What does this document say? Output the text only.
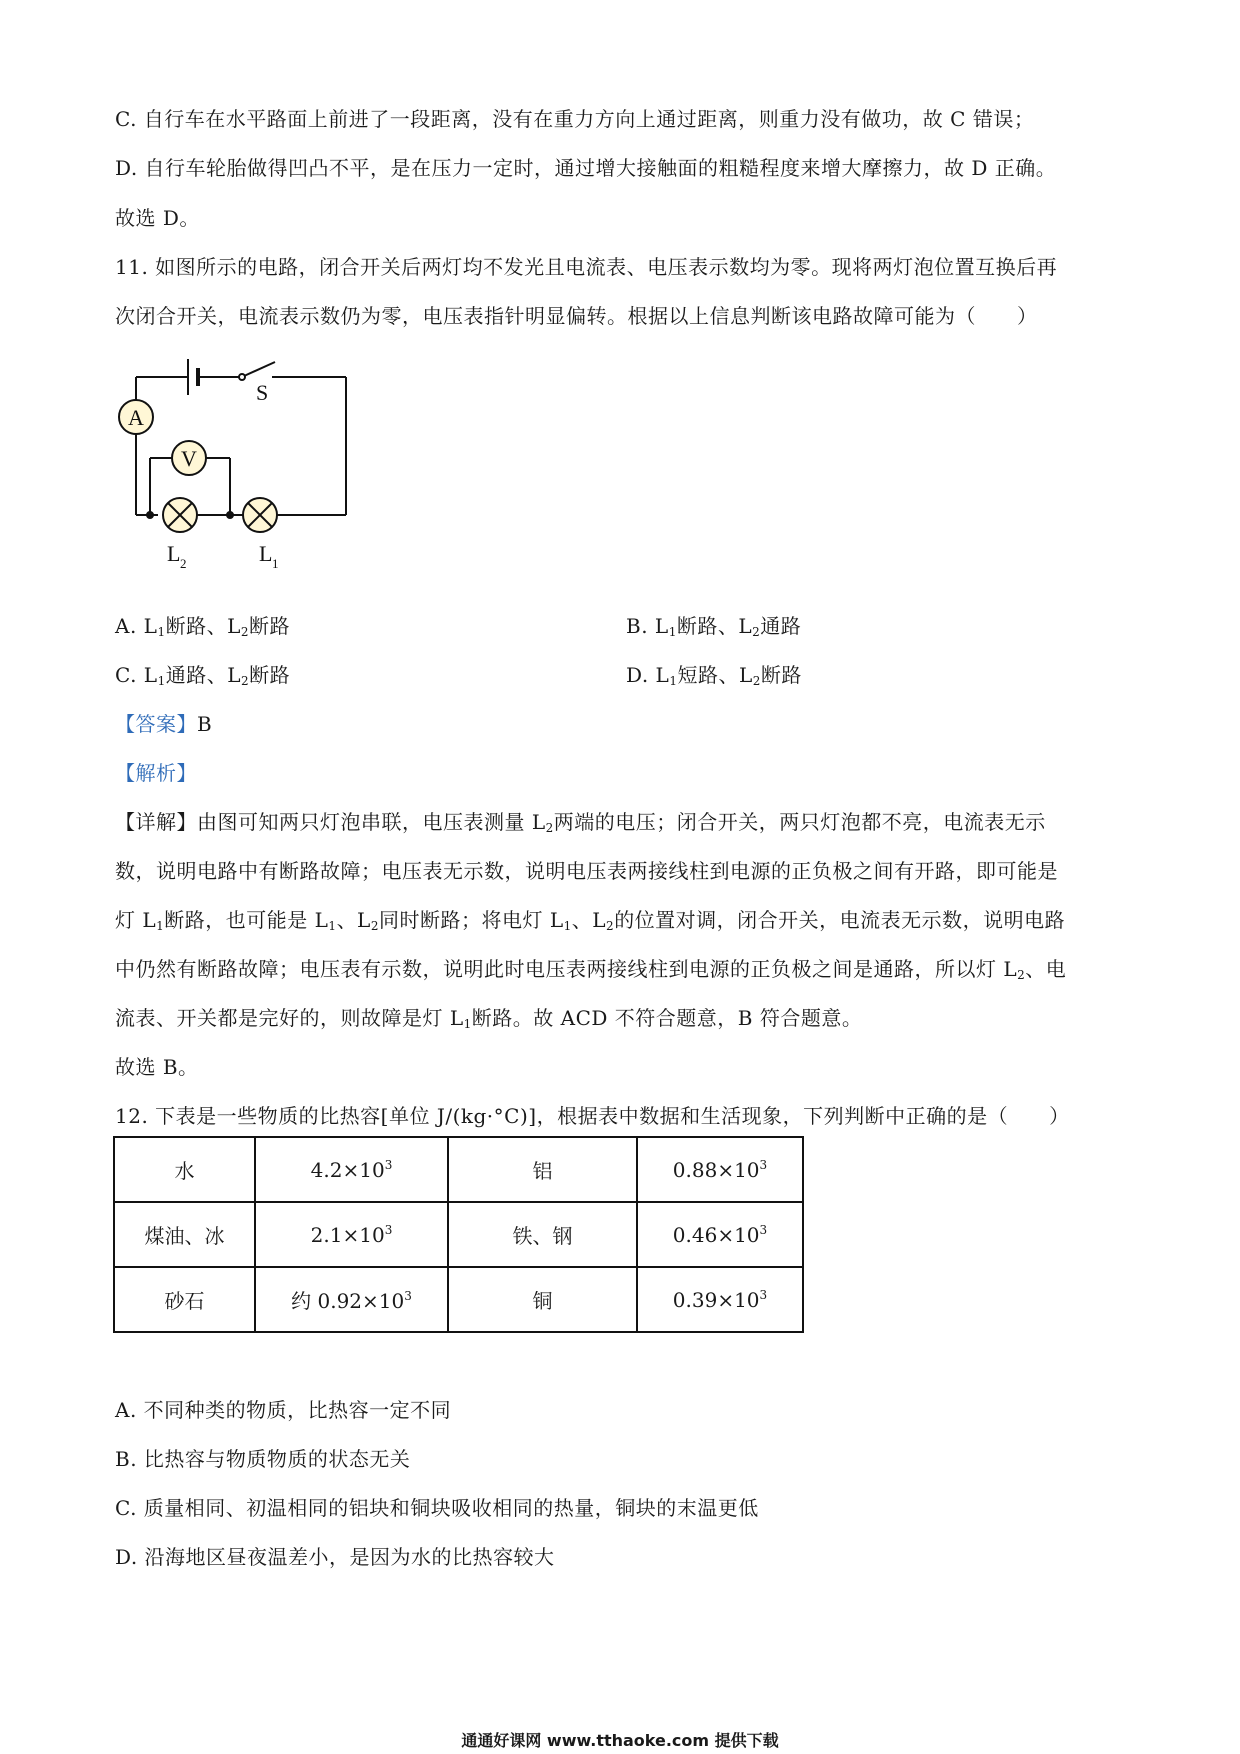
C. 自行车在水平路面上前进了一段距离，没有在重力方向上通过距离，则重力没有做功，故 C 错误；
D. 自行车轮胎做得凹凸不平，是在压力一定时，通过增大接触面的粗糙程度来增大摩擦力，故 D 正确。
故选 D。
11. 如图所示的电路，闭合开关后两灯均不发光且电流表、电压表示数均为零。现将两灯泡位置互换后再
次闭合开关，电流表示数仍为零，电压表指针明显偏转。根据以上信息判断该电路故障可能为（　　）
A
V
S
L 2	L 1
A. $L_1$断路、$L_2$断路	B. $L_1$断路、$L_2$通路
C. $L_1$通路、$L_2$断路	D. $L_1$短路、$L_2$断路
【答案】B
【解析】
【详解】由图可知两只灯泡串联，电压表测量 $L_2$两端的电压；闭合开关，两只灯泡都不亮，电流表无示
数，说明电路中有断路故障；电压表无示数，说明电压表两接线柱到电源的正负极之间有开路，即可能是
灯 $L_1$断路，也可能是 $L_1$、$L_2$同时断路；将电灯 $L_1$、$L_2$的位置对调，闭合开关，电流表无示数，说明电路
中仍然有断路故障；电压表有示数，说明此时电压表两接线柱到电源的正负极之间是通路，所以灯 $L_2$、电
流表、开关都是完好的，则故障是灯 $L_1$断路。故 ACD 不符合题意，B 符合题意。
故选 B。
12. 下表是一些物质的比热容[单位 J/(kg·°C)]，根据表中数据和生活现象，下列判断中正确的是（　　）
水	$4.2\times 10^3$	铝	$0.88\times 10^3$
煤油、冰	$2.1\times 10^3$	铁、钢	$0.46\times 10^3$
砂石	约 $0.92\times 10^3$	铜	$0.39\times 10^3$
A. 不同种类的物质，比热容一定不同
B. 比热容与物质物质的状态无关
C. 质量相同、初温相同的铝块和铜块吸收相同的热量，铜块的末温更低
D. 沿海地区昼夜温差小，是因为水的比热容较大
通通好课网 www.tthaoke.com 提供下载
